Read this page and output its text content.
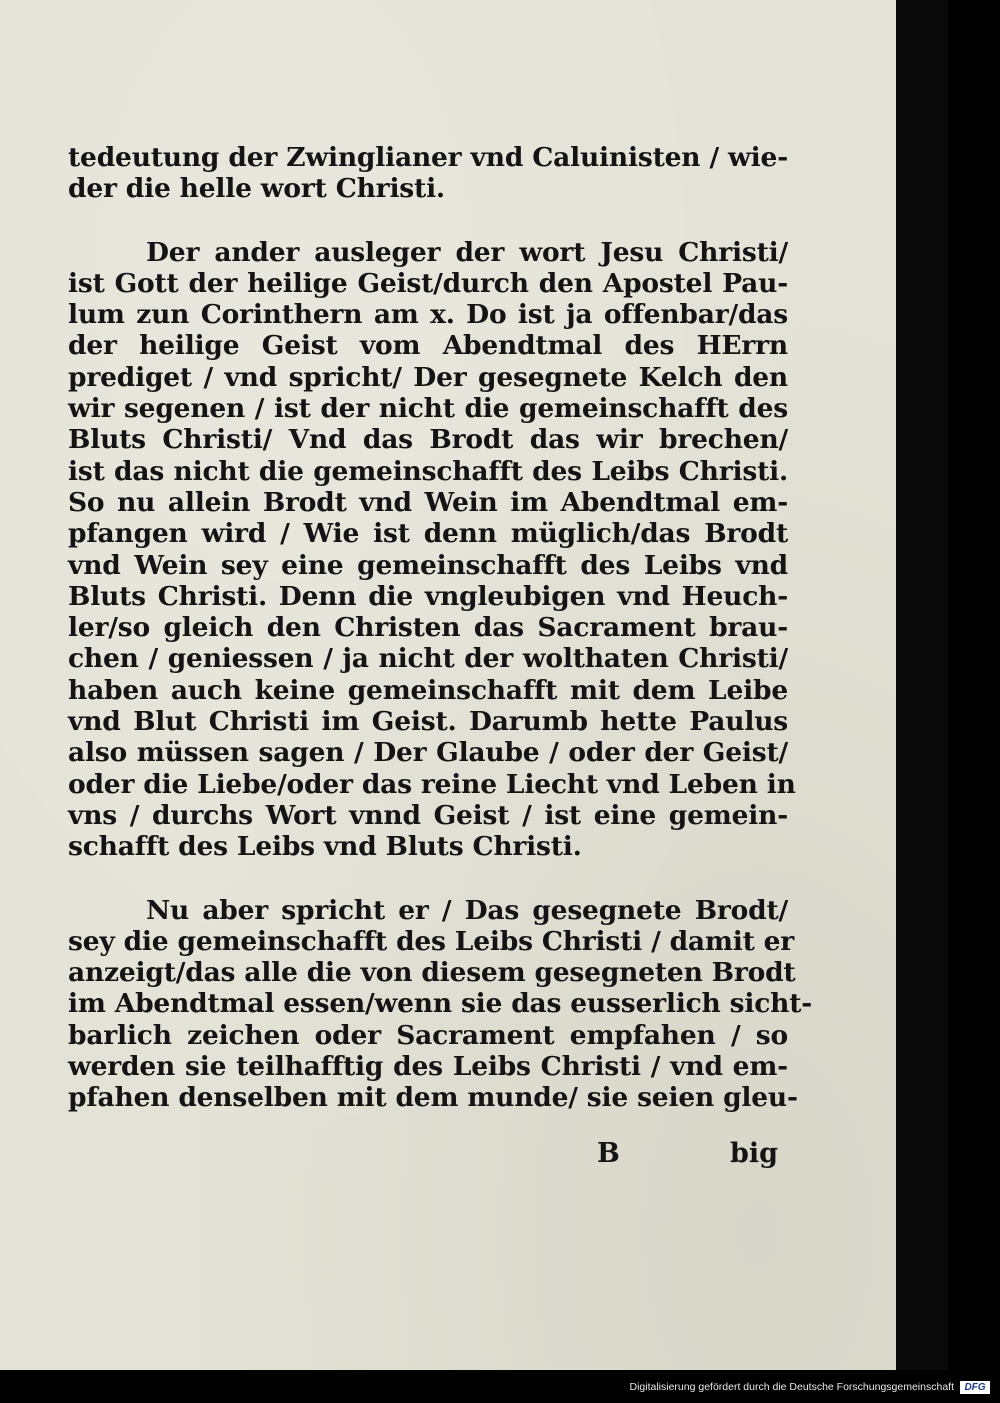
tedeutung der Zwinglianer vnd Caluinisten / wie-
der die helle wort Christi.
Der ander ausleger der wort Jesu Christi/
ist Gott der heilige Geist/durch den Apostel Pau-
lum zun Corinthern am x. Do ist ja offenbar/das
der heilige Geist vom Abendtmal des HErrn
prediget / vnd spricht/ Der gesegnete Kelch den
wir segenen / ist der nicht die gemeinschafft des
Bluts Christi/ Vnd das Brodt das wir brechen/
ist das nicht die gemeinschafft des Leibs Christi.
So nu allein Brodt vnd Wein im Abendtmal em-
pfangen wird / Wie ist denn müglich/das Brodt
vnd Wein sey eine gemeinschafft des Leibs vnd
Bluts Christi. Denn die vngleubigen vnd Heuch-
ler/so gleich den Christen das Sacrament brau-
chen / geniessen / ja nicht der wolthaten Christi/
haben auch keine gemeinschafft mit dem Leibe
vnd Blut Christi im Geist. Darumb hette Paulus
also müssen sagen / Der Glaube / oder der Geist/
oder die Liebe/oder das reine Liecht vnd Leben in
vns / durchs Wort vnnd Geist / ist eine gemein-
schafft des Leibs vnd Bluts Christi.
Nu aber spricht er / Das gesegnete Brodt/
sey die gemeinschafft des Leibs Christi / damit er
anzeigt/das alle die von diesem gesegneten Brodt
im Abendtmal essen/wenn sie das eusserlich sicht-
barlich zeichen oder Sacrament empfahen / so
werden sie teilhafftig des Leibs Christi / vnd em-
pfahen denselben mit dem munde/ sie seien gleu-
B	big
Digitalisierung gefördert durch die Deutsche Forschungsgemeinschaft	DFG
